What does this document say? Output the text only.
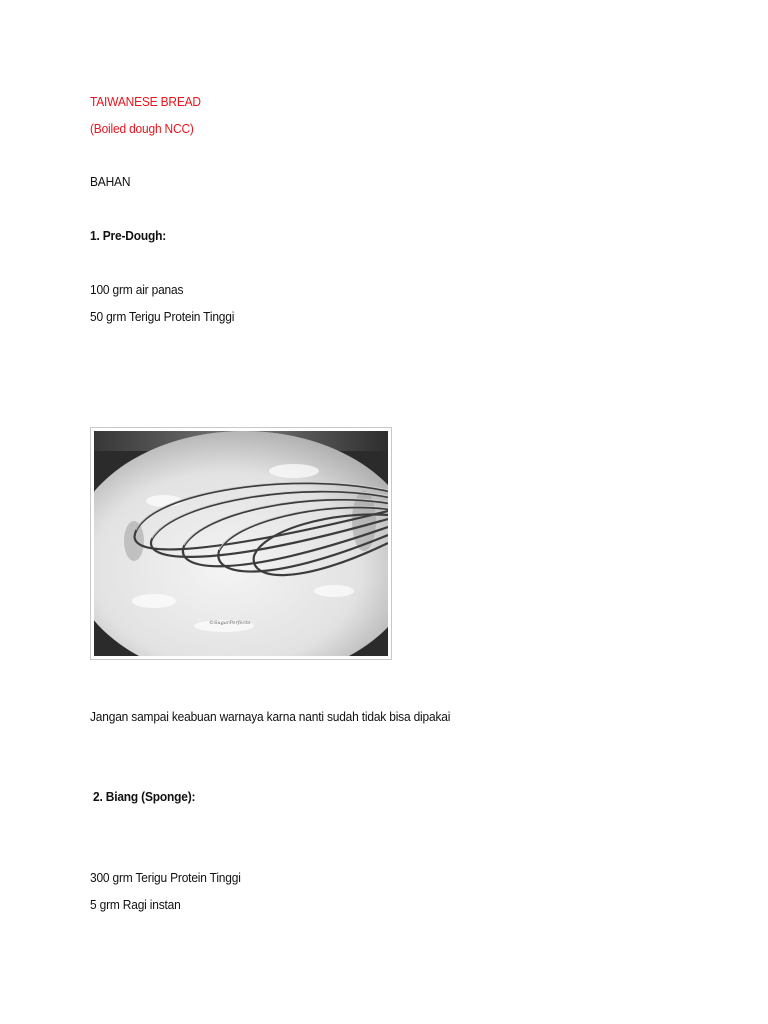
TAIWANESE BREAD
(Boiled dough NCC)
BAHAN
1. Pre-Dough:
100 grm air panas
50 grm Terigu Protein Tinggi
©SugarPerfecto
Jangan sampai keabuan warnaya karna nanti sudah tidak bisa dipakai
2. Biang (Sponge):
300 grm Terigu Protein Tinggi
5 grm Ragi instan
